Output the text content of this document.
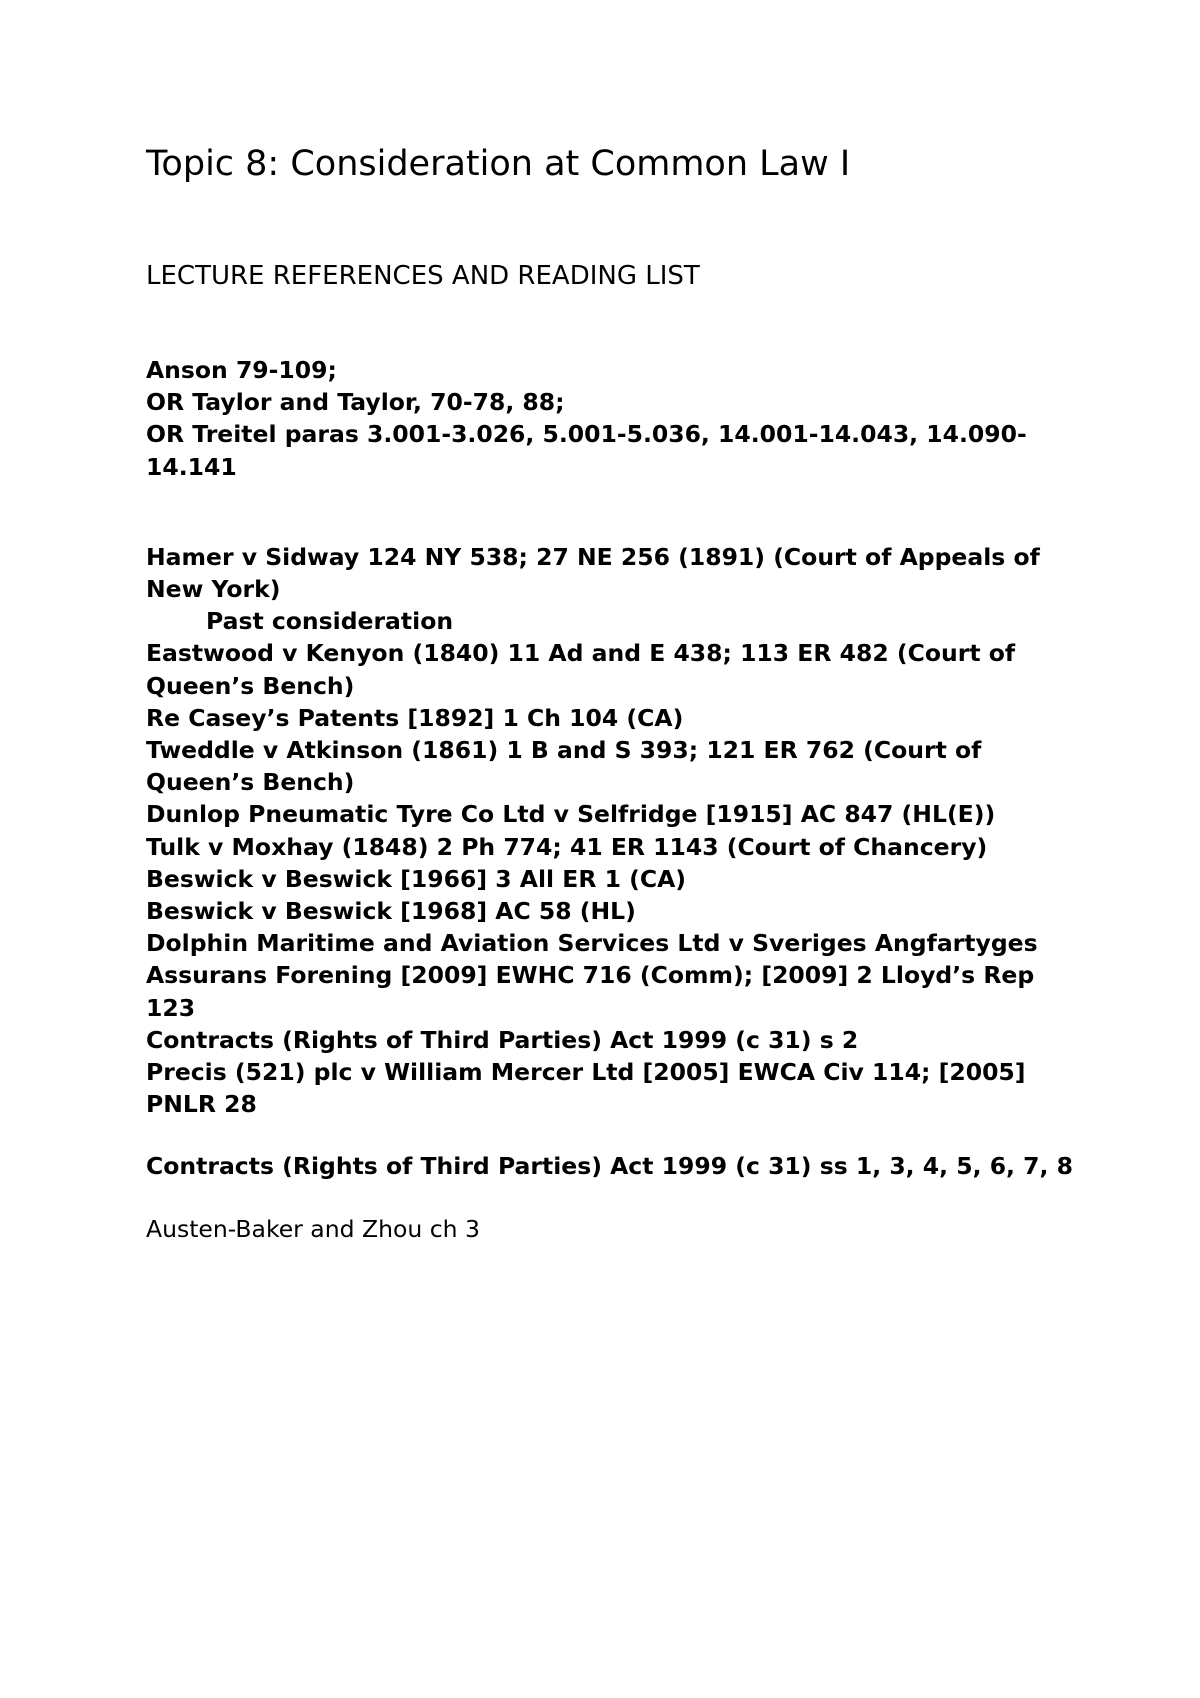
Topic 8: Consideration at Common Law I
LECTURE REFERENCES AND READING LIST

Anson 79-109;

OR Taylor and Taylor, 70-78, 88;

OR Treitel paras 3.001-3.026, 5.001-5.036, 14.001-14.043, 14.090-14.141

Hamer v Sidway 124 NY 538; 27 NE 256 (1891) (Court of Appeals of New York)

Past consideration

Eastwood v Kenyon (1840) 11 Ad and E 438; 113 ER 482 (Court of Queen’s Bench)

Re Casey’s Patents [1892] 1 Ch 104 (CA)

Tweddle v Atkinson (1861) 1 B and S 393; 121 ER 762 (Court of Queen’s Bench)

Dunlop Pneumatic Tyre Co Ltd v Selfridge [1915] AC 847 (HL(E))

Tulk v Moxhay (1848) 2 Ph 774; 41 ER 1143 (Court of Chancery)

Beswick v Beswick [1966] 3 All ER 1 (CA)

Beswick v Beswick [1968] AC 58 (HL)

Dolphin Maritime and Aviation Services Ltd v Sveriges Angfartyges Assurans Forening [2009] EWHC 716 (Comm); [2009] 2 Lloyd’s Rep 123

Contracts (Rights of Third Parties) Act 1999 (c 31) s 2

Precis (521) plc v William Mercer Ltd [2005] EWCA Civ 114; [2005] PNLR 28

Contracts (Rights of Third Parties) Act 1999 (c 31) ss 1, 3, 4, 5, 6, 7, 8

Austen-Baker and Zhou ch 3
